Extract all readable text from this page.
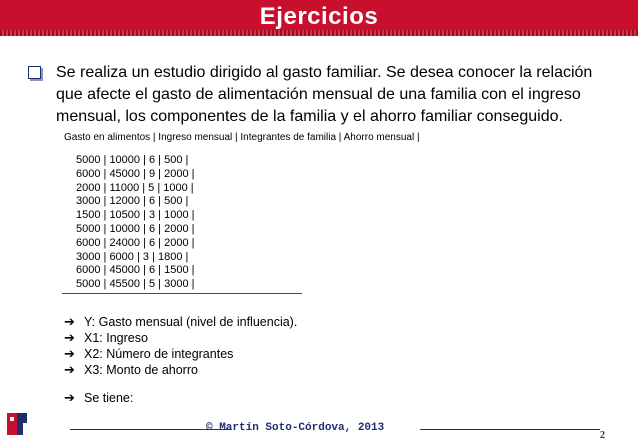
Ejercicios
Se realiza un estudio dirigido al gasto familiar. Se desea conocer la relación
que afecte el gasto de alimentación mensual de una familia con el ingreso
mensual, los componentes de la familia y el ahorro familiar conseguido.
Gasto en alimentos | Ingreso mensual | Integrantes de familia | Ahorro mensual |
5000 | 10000 | 6 | 500 |
6000 | 45000 | 9 | 2000 |
2000 | 11000 | 5 | 1000 |
3000 | 12000 | 6 | 500 |
1500 | 10500 | 3 | 1000 |
5000 | 10000 | 6 | 2000 |
6000 | 24000 | 6 | 2000 |
3000 | 6000 | 3 | 1800 |
6000 | 45000 | 6 | 1500 |
5000 | 45500 | 5 | 3000 |
➔ Y: Gasto mensual (nivel de influencia).
➔ X1: Ingreso
➔ X2: Número de integrantes
➔ X3: Monto de ahorro
➔ Se tiene:
© Martín Soto-Córdova, 2013
2
